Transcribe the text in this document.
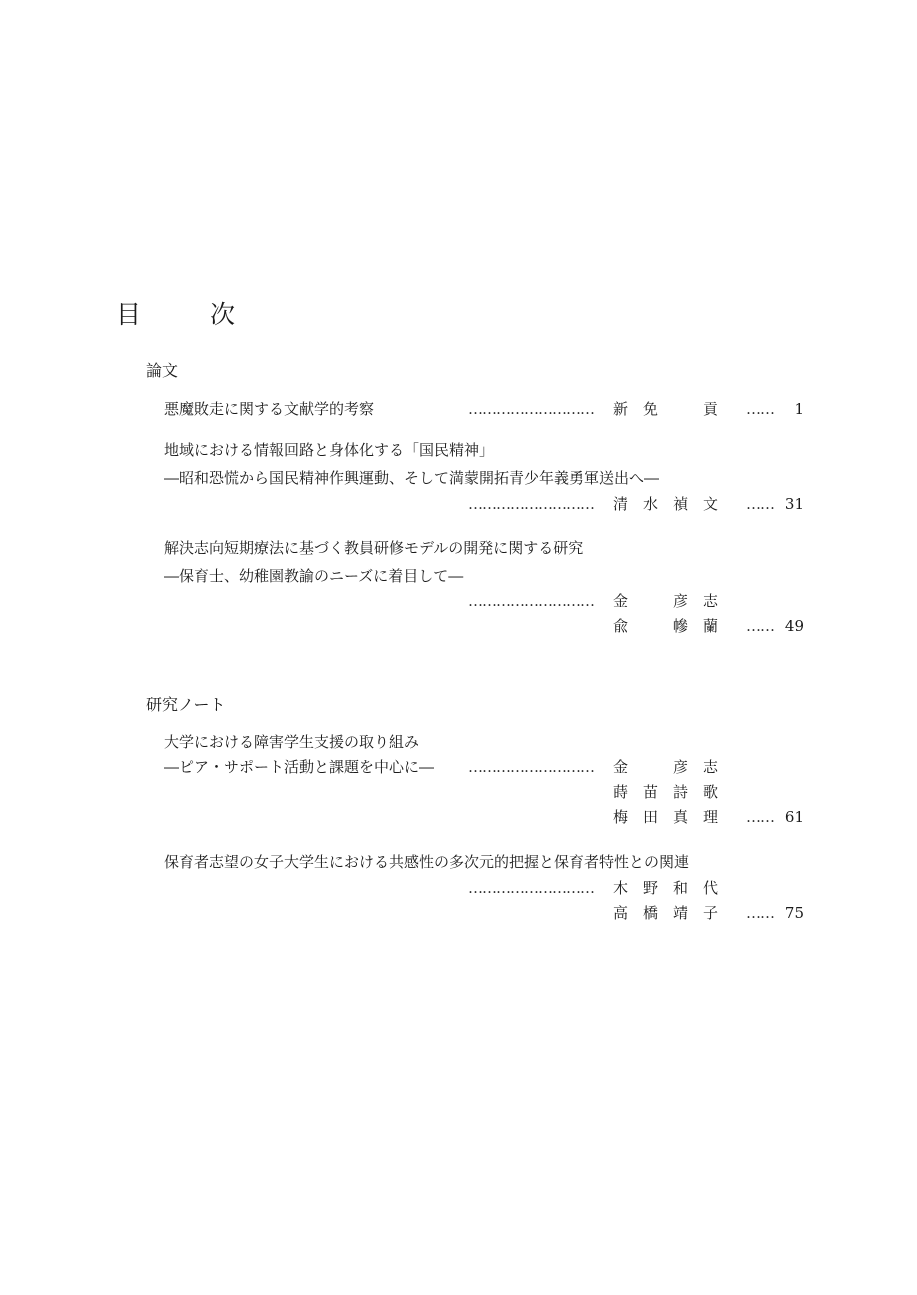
目　次
論文
悪魔敗走に関する文献学的考察	……………………… 新　免　　　貢 …… 1
地域における情報回路と身体化する「国民精神」
―昭和恐慌から国民精神作興運動、そして満蒙開拓青少年義勇軍送出へ―
……………………… 清　水　禎　文 …… 31
解決志向短期療法に基づく教員研修モデルの開発に関する研究
―保育士、幼稚園教諭のニーズに着目して―
……………………… 金　　　彦　志
兪　　　幓　蘭 …… 49
研究ノート
大学における障害学生支援の取り組み
―ピア・サポート活動と課題を中心に― ……………………… 金　　　彦　志
蒔　苗　詩　歌
梅　田　真　理 …… 61
保育者志望の女子大学生における共感性の多次元的把握と保育者特性との関連
……………………… 木　野　和　代
高　橋　靖　子 …… 75
